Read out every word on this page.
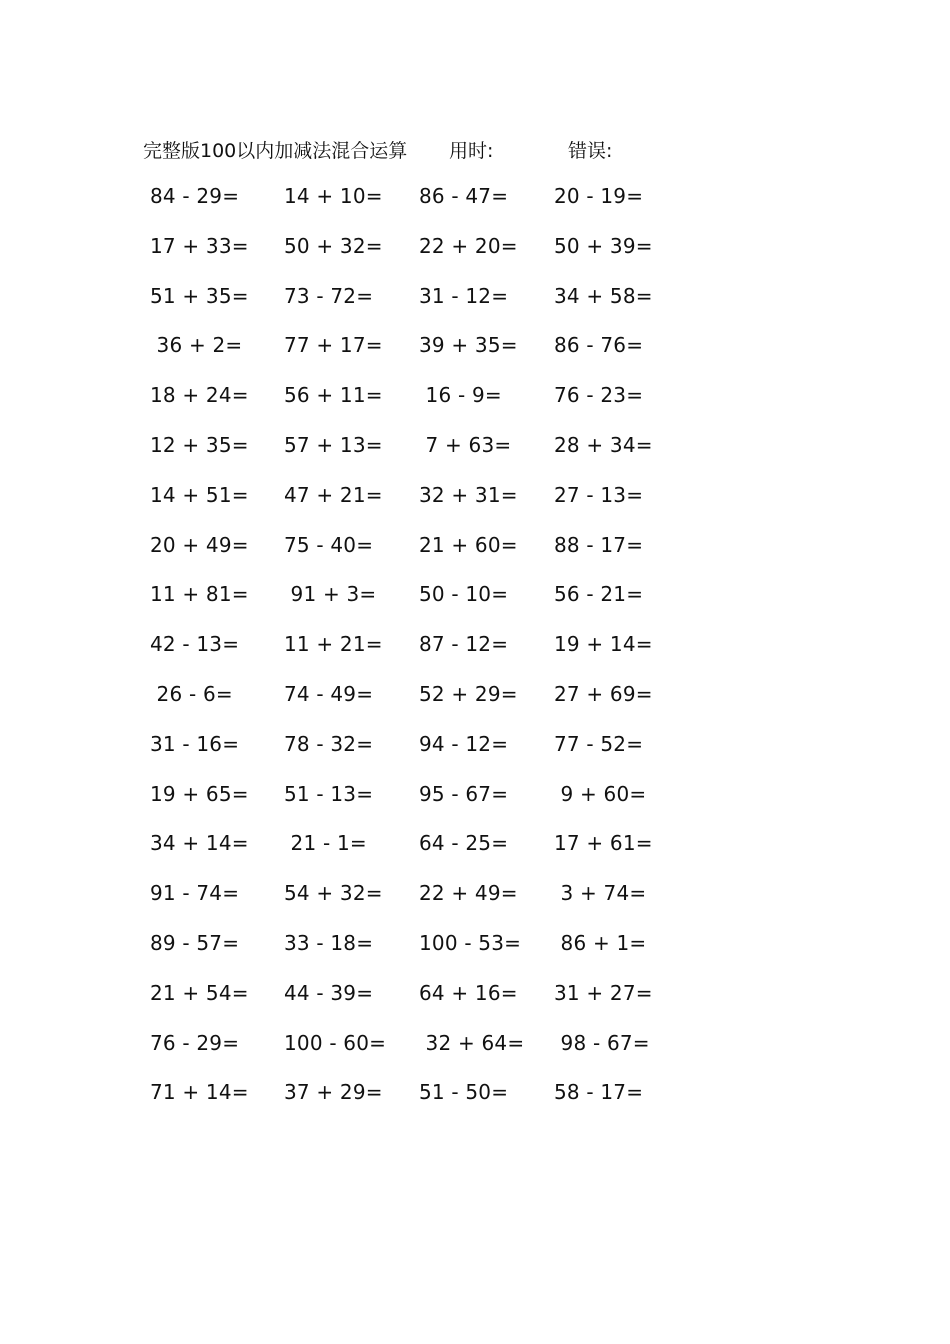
完整版100以内加减法混合运算 用时:	错误:
84 - 29= 14 + 10= 86 - 47= 20 - 19=
17 + 33= 50 + 32= 22 + 20= 50 + 39=
51 + 35= 73 - 72= 31 - 12= 34 + 58=
36 + 2= 77 + 17= 39 + 35= 86 - 76=
18 + 24= 56 + 11= 16 - 9=	76 - 23=
12 + 35= 57 + 13= 7 + 63= 28 + 34=
14 + 51= 47 + 21= 32 + 31= 27 - 13=
20 + 49= 75 - 40= 21 + 60= 88 - 17=
11 + 81= 91 + 3= 50 - 10= 56 - 21=
42 - 13= 11 + 21= 87 - 12= 19 + 14=
26 - 6=	74 - 49= 52 + 29= 27 + 69=
31 - 16= 78 - 32= 94 - 12= 77 - 52=
19 + 65= 51 - 13= 95 - 67= 9 + 60=
34 + 14= 21 - 1=	64 - 25= 17 + 61=
91 - 74= 54 + 32= 22 + 49= 3 + 74=
89 - 57= 33 - 18= 100 - 53= 86 + 1=
21 + 54= 44 - 39= 64 + 16= 31 + 27=
76 - 29= 100 - 60= 32 + 64= 98 - 67=
71 + 14= 37 + 29= 51 - 50= 58 - 17=
